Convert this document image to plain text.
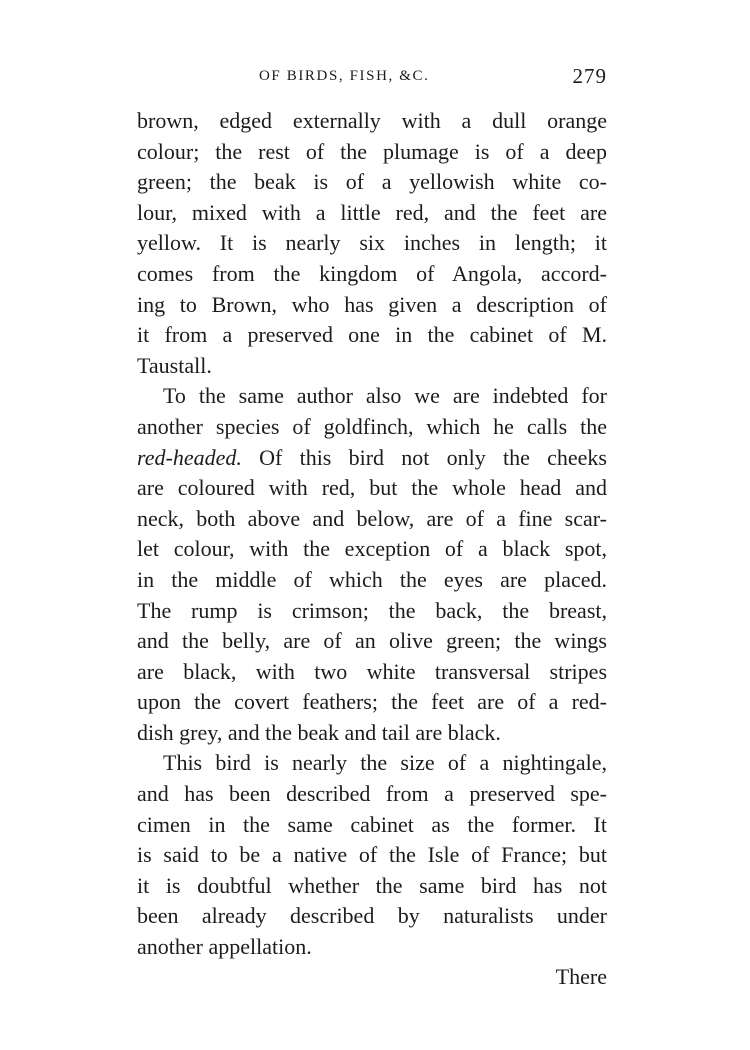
OF BIRDS, FISH, &C.	279
brown, edged externally with a dull orange
colour; the rest of the plumage is of a deep
green; the beak is of a yellowish white co-
lour, mixed with a little red, and the feet are
yellow. It is nearly six inches in length; it
comes from the kingdom of Angola, accord-
ing to Brown, who has given a description of
it from a preserved one in the cabinet of M.
Taustall.
To the same author also we are indebted for
another species of goldfinch, which he calls the
red-headed. Of this bird not only the cheeks
are coloured with red, but the whole head and
neck, both above and below, are of a fine scar-
let colour, with the exception of a black spot,
in the middle of which the eyes are placed.
The rump is crimson; the back, the breast,
and the belly, are of an olive green; the wings
are black, with two white transversal stripes
upon the covert feathers; the feet are of a red-
dish grey, and the beak and tail are black.
This bird is nearly the size of a nightingale,
and has been described from a preserved spe-
cimen in the same cabinet as the former. It
is said to be a native of the Isle of France; but
it is doubtful whether the same bird has not
been already described by naturalists under
another appellation.
There
